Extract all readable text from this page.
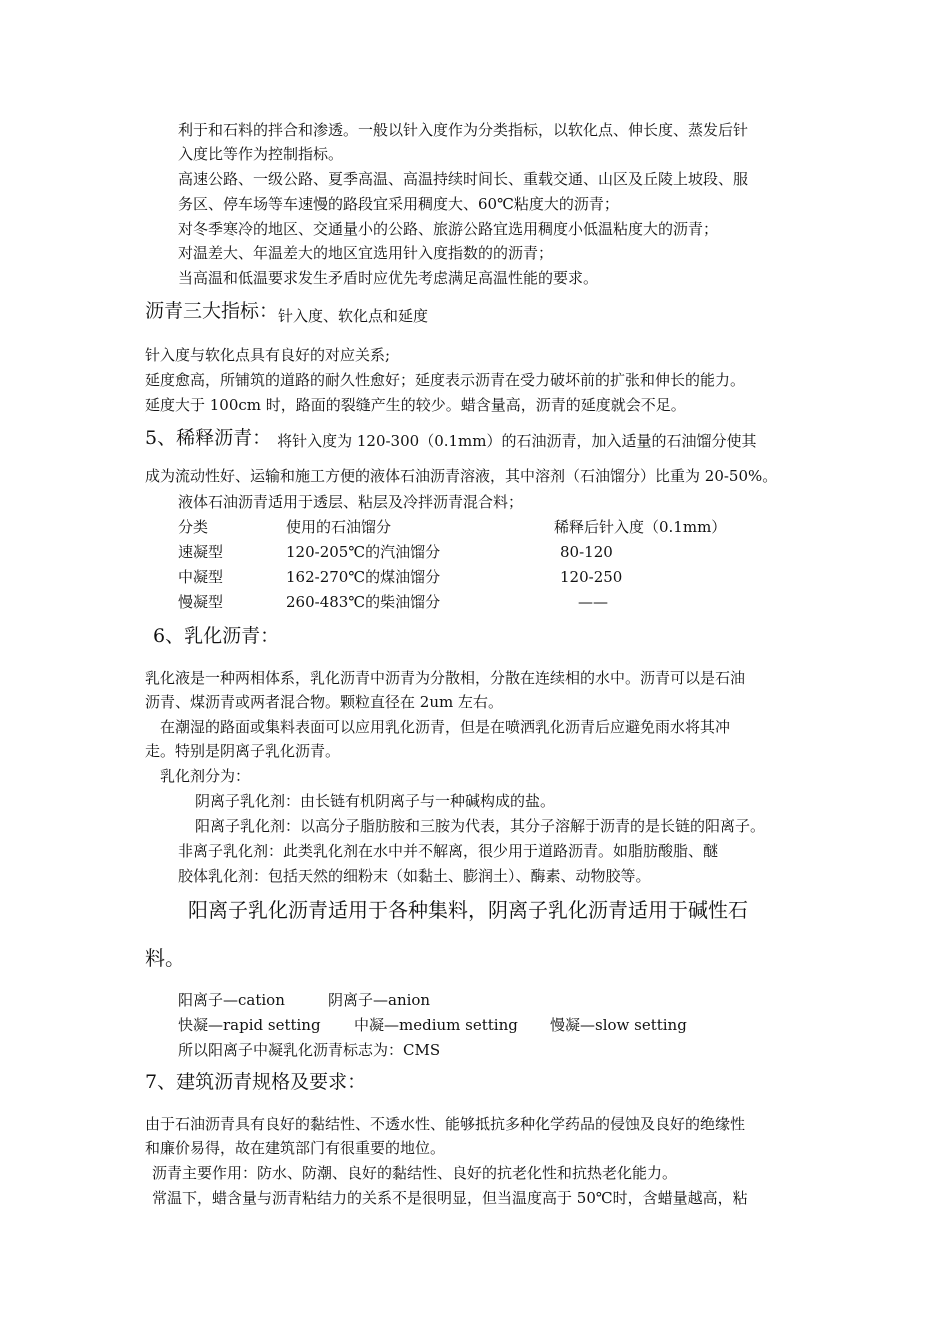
利于和石料的拌合和渗透。一般以针入度作为分类指标，以软化点、伸长度、蒸发后针

入度比等作为控制指标。

高速公路、一级公路、夏季高温、高温持续时间长、重载交通、山区及丘陵上坡段、服

务区、停车场等车速慢的路段宜采用稠度大、60℃粘度大的沥青；

对冬季寒冷的地区、交通量小的公路、旅游公路宜选用稠度小低温粘度大的沥青；

对温差大、年温差大的地区宜选用针入度指数的的沥青；

当高温和低温要求发生矛盾时应优先考虑满足高温性能的要求。

沥青三大指标：针入度、软化点和延度

针入度与软化点具有良好的对应关系;

延度愈高，所铺筑的道路的耐久性愈好；延度表示沥青在受力破坏前的扩张和伸长的能力。

延度大于 100cm 时，路面的裂缝产生的较少。蜡含量高，沥青的延度就会不足。

5、稀释沥青： 将针入度为 120-300（0.1mm）的石油沥青，加入适量的石油馏分使其

成为流动性好、运输和施工方便的液体石油沥青溶液，其中溶剂（石油馏分）比重为 20-50%。

液体石油沥青适用于透层、粘层及冷拌沥青混合料；

分类	使用的石油馏分	稀释后针入度（0.1mm）
速凝型	120-205℃的汽油馏分	80-120
中凝型	162-270℃的煤油馏分	120-250
慢凝型	260-483℃的柴油馏分	——

6、乳化沥青：

乳化液是一种两相体系，乳化沥青中沥青为分散相，分散在连续相的水中。沥青可以是石油

沥青、煤沥青或两者混合物。颗粒直径在 2um 左右。

在潮湿的路面或集料表面可以应用乳化沥青，但是在喷洒乳化沥青后应避免雨水将其冲

走。特别是阴离子乳化沥青。

乳化剂分为：

阴离子乳化剂：由长链有机阴离子与一种碱构成的盐。

阳离子乳化剂：以高分子脂肪胺和三胺为代表，其分子溶解于沥青的是长链的阳离子。

非离子乳化剂：此类乳化剂在水中并不解离，很少用于道路沥青。如脂肪酸脂、醚

胶体乳化剂：包括天然的细粉末（如黏土、膨润土）、酶素、动物胶等。

阳离子乳化沥青适用于各种集料，阴离子乳化沥青适用于碱性石

料。

阳离子—cation	阴离子—anion
快凝—rapid setting 中凝—medium setting 慢凝—slow setting

所以阳离子中凝乳化沥青标志为：CMS

7、建筑沥青规格及要求：

由于石油沥青具有良好的黏结性、不透水性、能够抵抗多种化学药品的侵蚀及良好的绝缘性

和廉价易得，故在建筑部门有很重要的地位。

沥青主要作用：防水、防潮、良好的黏结性、良好的抗老化性和抗热老化能力。

常温下，蜡含量与沥青粘结力的关系不是很明显，但当温度高于 50℃时，含蜡量越高，粘
